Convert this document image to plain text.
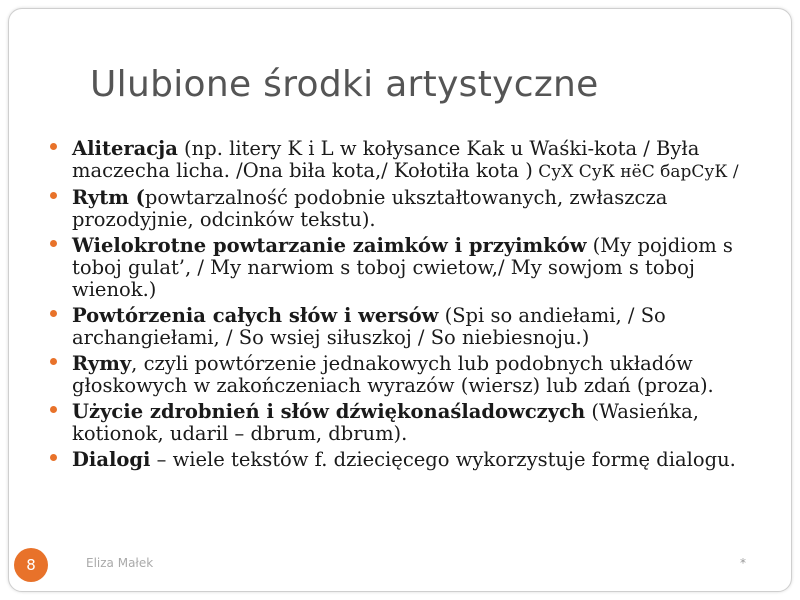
Ulubione środki artystyczne
Aliteracja (np. litery K i L w kołysance Kak u Waśki-kota / Była maczecha licha. /Ona biła kota,/ Kołotiła kota ) СуХ СуК нёС барСуК /
Rytm (powtarzalność podobnie ukształtowanych, zwłaszcza prozodyjnie, odcinków tekstu).
Wielokrotne powtarzanie zaimków i przyimków (My pojdiom s toboj gulat’, / My narwiom s toboj cwietow,/ My sowjom s toboj wienok.)
Powtórzenia całych słów i wersów (Spi so andiełami, / So archangiełami, / So wsiej siłuszkoj / So niebiesnoju.)
Rymy, czyli powtórzenie jednakowych lub podobnych układów głoskowych w zakończeniach wyrazów (wiersz) lub zdań (proza).
Użycie zdrobnień i słów dźwiękonaśladowczych (Wasieńka, kotionok, udaril – dbrum, dbrum).
Dialogi – wiele tekstów f. dziecięcego wykorzystuje formę dialogu.
8	Eliza Małek	*
